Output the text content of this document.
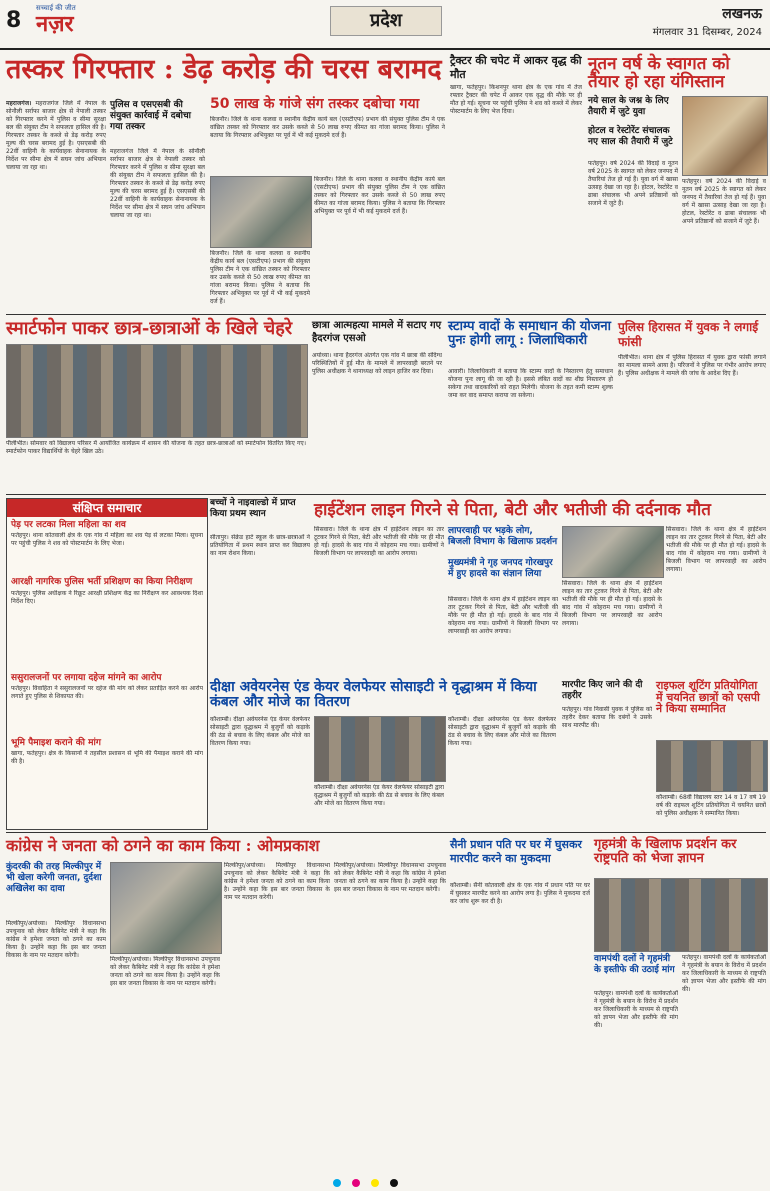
8 सच्चाई की जीत
नज़र	प्रदेश	लखनऊ
मंगलवार 31 दिसम्बर, 2024
तस्कर गिरफ्तार : डेढ़ करोड़ की चरस बरामद
पुलिस व एसएसबी की संयुक्त कार्रवाई में दबोचा गया तस्कर

महराजगंज। महराजगंज जिले में नेपाल के सोनौली सर्राफा बाजार क्षेत्र से नेपाली तस्कर को गिरफ्तार करने में पुलिस व सीमा सुरक्षा बल की संयुक्त टीम ने सफलता हासिल की है। गिरफ्तार तस्कर के कब्जे से डेढ़ करोड़ रुपए मूल्य की चरस बरामद हुई है। एसएसबी की 22वीं वाहिनी के कार्यवाहक सेनानायक के निर्देश पर सीमा क्षेत्र में सघन जांच अभियान चलाया जा रहा था।

महराजगंज जिले में नेपाल के सोनौली सर्राफा बाजार क्षेत्र से नेपाली तस्कर को गिरफ्तार करने में पुलिस व सीमा सुरक्षा बल की संयुक्त टीम ने सफलता हासिल की है। गिरफ्तार तस्कर के कब्जे से डेढ़ करोड़ रुपए मूल्य की चरस बरामद हुई है। एसएसबी की 22वीं वाहिनी के कार्यवाहक सेनानायक के निर्देश पर सीमा क्षेत्र में सघन जांच अभियान चलाया जा रहा था।
50 लाख के गांजे संग तस्कर दबोचा गया
बिजनौर। जिले के थाना कलवा व स्थानीय केंद्रीय कार्य बल (एसटीएफ) प्रभाग की संयुक्त पुलिस टीम ने एक वांछित तस्कर को गिरफ्तार कर उसके कब्जे से 50 लाख रुपए कीमत का गांजा बरामद किया। पुलिस ने बताया कि गिरफ्तार अभियुक्त पर पूर्व में भी कई मुकदमे दर्ज हैं।
बिजनौर। जिले के थाना कलवा व स्थानीय केंद्रीय कार्य बल (एसटीएफ) प्रभाग की संयुक्त पुलिस टीम ने एक वांछित तस्कर को गिरफ्तार कर उसके कब्जे से 50 लाख रुपए कीमत का गांजा बरामद किया। पुलिस ने बताया कि गिरफ्तार अभियुक्त पर पूर्व में भी कई मुकदमे दर्ज हैं।
बिजनौर। जिले के थाना कलवा व स्थानीय केंद्रीय कार्य बल (एसटीएफ) प्रभाग की संयुक्त पुलिस टीम ने एक वांछित तस्कर को गिरफ्तार कर उसके कब्जे से 50 लाख रुपए कीमत का गांजा बरामद किया। पुलिस ने बताया कि गिरफ्तार अभियुक्त पर पूर्व में भी कई मुकदमे दर्ज हैं।
ट्रैक्टर की चपेट में आकर वृद्ध की मौत
खागा, फतेहपुर। किशनपुर थाना क्षेत्र के एक गांव में तेज रफ्तार ट्रैक्टर की चपेट में आकर एक वृद्ध की मौके पर ही मौत हो गई। सूचना पर पहुंची पुलिस ने शव को कब्जे में लेकर पोस्टमार्टम के लिए भेज दिया।
नूतन वर्ष के स्वागत को तैयार हो रहा यंगिस्तान
नये साल के जश्न के लिए तैयारी में जुटे युवा
होटल व रेस्टोरेंट संचालक नए साल की तैयारी में जुटे
फतेहपुर। वर्ष 2024 की विदाई व नूतन वर्ष 2025 के स्वागत को लेकर जनपद में तैयारियां तेज हो गई हैं। युवा वर्ग में खासा उत्साह देखा जा रहा है। होटल, रेस्टोरेंट व ढाबा संचालक भी अपने प्रतिष्ठानों को सजाने में जुटे हैं।
फतेहपुर। वर्ष 2024 की विदाई व नूतन वर्ष 2025 के स्वागत को लेकर जनपद में तैयारियां तेज हो गई हैं। युवा वर्ग में खासा उत्साह देखा जा रहा है। होटल, रेस्टोरेंट व ढाबा संचालक भी अपने प्रतिष्ठानों को सजाने में जुटे हैं।
स्मार्टफोन पाकर छात्र-छात्राओं के खिले चेहरे
पीलीभीत। सोमवार को विद्यालय परिसर में आयोजित कार्यक्रम में शासन की योजना के तहत छात्र-छात्राओं को स्मार्टफोन वितरित किए गए। स्मार्टफोन पाकर विद्यार्थियों के चेहरे खिल उठे।
छात्रा आत्महत्या मामले में सटाए गए हैदरगंज एसओ
अयोध्या। थाना हैदरगंज अंतर्गत एक गांव में छात्रा की संदिग्ध परिस्थितियों में हुई मौत के मामले में लापरवाही बरतने पर पुलिस अधीक्षक ने थानाध्यक्ष को लाइन हाजिर कर दिया।
स्टाम्प वादों के समाधान की योजना पुनः होगी लागू : जिलाधिकारी
आवारी। जिलाधिकारी ने बताया कि स्टाम्प वादों के निस्तारण हेतु समाधान योजना पुनः लागू की जा रही है। इससे लंबित वादों का शीघ्र निस्तारण हो सकेगा तथा वादकारियों को राहत मिलेगी। योजना के तहत कमी स्टाम्प शुल्क जमा कर वाद समाप्त कराया जा सकेगा।
पुलिस हिरासत में युवक ने लगाई फांसी
पीलीभीत। थाना क्षेत्र में पुलिस हिरासत में युवक द्वारा फांसी लगाने का मामला सामने आया है। परिजनों ने पुलिस पर गंभीर आरोप लगाए हैं। पुलिस अधीक्षक ने मामले की जांच के आदेश दिए हैं।
संक्षिप्त समाचार
पेड़ पर लटका मिला महिला का शव
फतेहपुर। थाना कोतवाली क्षेत्र के एक गांव में महिला का शव पेड़ से लटका मिला। सूचना पर पहुंची पुलिस ने शव को पोस्टमार्टम के लिए भेजा।
आरक्षी नागरिक पुलिस भर्ती प्रशिक्षण का किया निरीक्षण
फतेहपुर। पुलिस अधीक्षक ने रिक्रूट आरक्षी प्रशिक्षण केंद्र का निरीक्षण कर आवश्यक दिशा निर्देश दिए।
ससुरालजनों पर लगाया दहेज मांगने का आरोप
फतेहपुर। विवाहिता ने ससुरालजनों पर दहेज की मांग को लेकर प्रताड़ित करने का आरोप लगाते हुए पुलिस से शिकायत की।
भूमि पैमाइश कराने की मांग
खागा, फतेहपुर। क्षेत्र के किसानों ने तहसील प्रशासन से भूमि की पैमाइश कराने की मांग की है।
बच्चों ने नाइवाल्डो में प्राप्त किया प्रथम स्थान
सीतापुर। सेक्रेड हार्ट स्कूल के छात्र-छात्राओं ने प्रतियोगिता में प्रथम स्थान प्राप्त कर विद्यालय का नाम रोशन किया।
हाईटेंशन लाइन गिरने से पिता, बेटी और भतीजी की दर्दनाक मौत
सिसवारा। जिले के थाना क्षेत्र में हाईटेंशन लाइन का तार टूटकर गिरने से पिता, बेटी और भतीजी की मौके पर ही मौत हो गई। हादसे के बाद गांव में कोहराम मच गया। ग्रामीणों ने बिजली विभाग पर लापरवाही का आरोप लगाया।
लापरवाही पर भड़के लोग, बिजली विभाग के खिलाफ प्रदर्शन
मुख्यमंत्री ने गृह जनपद गोरखपुर में हुए हादसे का संज्ञान लिया
सिसवारा। जिले के थाना क्षेत्र में हाईटेंशन लाइन का तार टूटकर गिरने से पिता, बेटी और भतीजी की मौके पर ही मौत हो गई। हादसे के बाद गांव में कोहराम मच गया। ग्रामीणों ने बिजली विभाग पर लापरवाही का आरोप लगाया।
सिसवारा। जिले के थाना क्षेत्र में हाईटेंशन लाइन का तार टूटकर गिरने से पिता, बेटी और भतीजी की मौके पर ही मौत हो गई। हादसे के बाद गांव में कोहराम मच गया। ग्रामीणों ने बिजली विभाग पर लापरवाही का आरोप लगाया।
सिसवारा। जिले के थाना क्षेत्र में हाईटेंशन लाइन का तार टूटकर गिरने से पिता, बेटी और भतीजी की मौके पर ही मौत हो गई। हादसे के बाद गांव में कोहराम मच गया। ग्रामीणों ने बिजली विभाग पर लापरवाही का आरोप लगाया।
मारपीट किए जाने की दी तहरीर
फतेहपुर। गांव निवासी युवक ने पुलिस को तहरीर देकर बताया कि दबंगों ने उसके साथ मारपीट की।
दीक्षा अवेयरनेस एंड केयर वेलफेयर सोसाइटी ने वृद्धाश्रम में किया कंबल और मोजे का वितरण
कौशाम्बी। दीक्षा अवेयरनेस एंड केयर वेलफेयर सोसाइटी द्वारा वृद्धाश्रम में बुजुर्गों को कड़ाके की ठंड से बचाव के लिए कंबल और मोजे का वितरण किया गया।
कौशाम्बी। दीक्षा अवेयरनेस एंड केयर वेलफेयर सोसाइटी द्वारा वृद्धाश्रम में बुजुर्गों को कड़ाके की ठंड से बचाव के लिए कंबल और मोजे का वितरण किया गया।
कौशाम्बी। दीक्षा अवेयरनेस एंड केयर वेलफेयर सोसाइटी द्वारा वृद्धाश्रम में बुजुर्गों को कड़ाके की ठंड से बचाव के लिए कंबल और मोजे का वितरण किया गया।
राइफल शूटिंग प्रतियोगिता में चयनित छात्रों को एसपी ने किया सम्मानित
कौशाम्बी। 68वीं विद्यालय स्तर 14 व 17 वर्ष 19 वर्ष की राइफल शूटिंग प्रतियोगिता में चयनित छात्रों को पुलिस अधीक्षक ने सम्मानित किया।
कांग्रेस ने जनता को ठगने का काम किया : ओमप्रकाश
कुंदरकी की तरह मिल्कीपुर में भी खेला करेगी जनता, दुर्दशा अखिलेश का दावा
मिल्कीपुर/अयोध्या। मिल्कीपुर विधानसभा उपचुनाव को लेकर कैबिनेट मंत्री ने कहा कि कांग्रेस ने हमेशा जनता को ठगने का काम किया है। उन्होंने कहा कि इस बार जनता विकास के नाम पर मतदान करेगी।
मिल्कीपुर/अयोध्या। मिल्कीपुर विधानसभा उपचुनाव को लेकर कैबिनेट मंत्री ने कहा कि कांग्रेस ने हमेशा जनता को ठगने का काम किया है। उन्होंने कहा कि इस बार जनता विकास के नाम पर मतदान करेगी।
मिल्कीपुर/अयोध्या। मिल्कीपुर विधानसभा उपचुनाव को लेकर कैबिनेट मंत्री ने कहा कि कांग्रेस ने हमेशा जनता को ठगने का काम किया है। उन्होंने कहा कि इस बार जनता विकास के नाम पर मतदान करेगी।
मिल्कीपुर/अयोध्या। मिल्कीपुर विधानसभा उपचुनाव को लेकर कैबिनेट मंत्री ने कहा कि कांग्रेस ने हमेशा जनता को ठगने का काम किया है। उन्होंने कहा कि इस बार जनता विकास के नाम पर मतदान करेगी।
सैनी प्रधान पति पर घर में घुसकर मारपीट करने का मुकदमा
कौशाम्बी। सैनी कोतवाली क्षेत्र के एक गांव में प्रधान पति पर घर में घुसकर मारपीट करने का आरोप लगा है। पुलिस ने मुकदमा दर्ज कर जांच शुरू कर दी है।
गृहमंत्री के खिलाफ प्रदर्शन कर राष्ट्रपति को भेजा ज्ञापन
वामपंथी दलों ने गृहमंत्री के इस्तीफे की उठाई मांग
फतेहपुर। वामपंथी दलों के कार्यकर्ताओं ने गृहमंत्री के बयान के विरोध में प्रदर्शन कर जिलाधिकारी के माध्यम से राष्ट्रपति को ज्ञापन भेजा और इस्तीफे की मांग की।
फतेहपुर। वामपंथी दलों के कार्यकर्ताओं ने गृहमंत्री के बयान के विरोध में प्रदर्शन कर जिलाधिकारी के माध्यम से राष्ट्रपति को ज्ञापन भेजा और इस्तीफे की मांग की।
